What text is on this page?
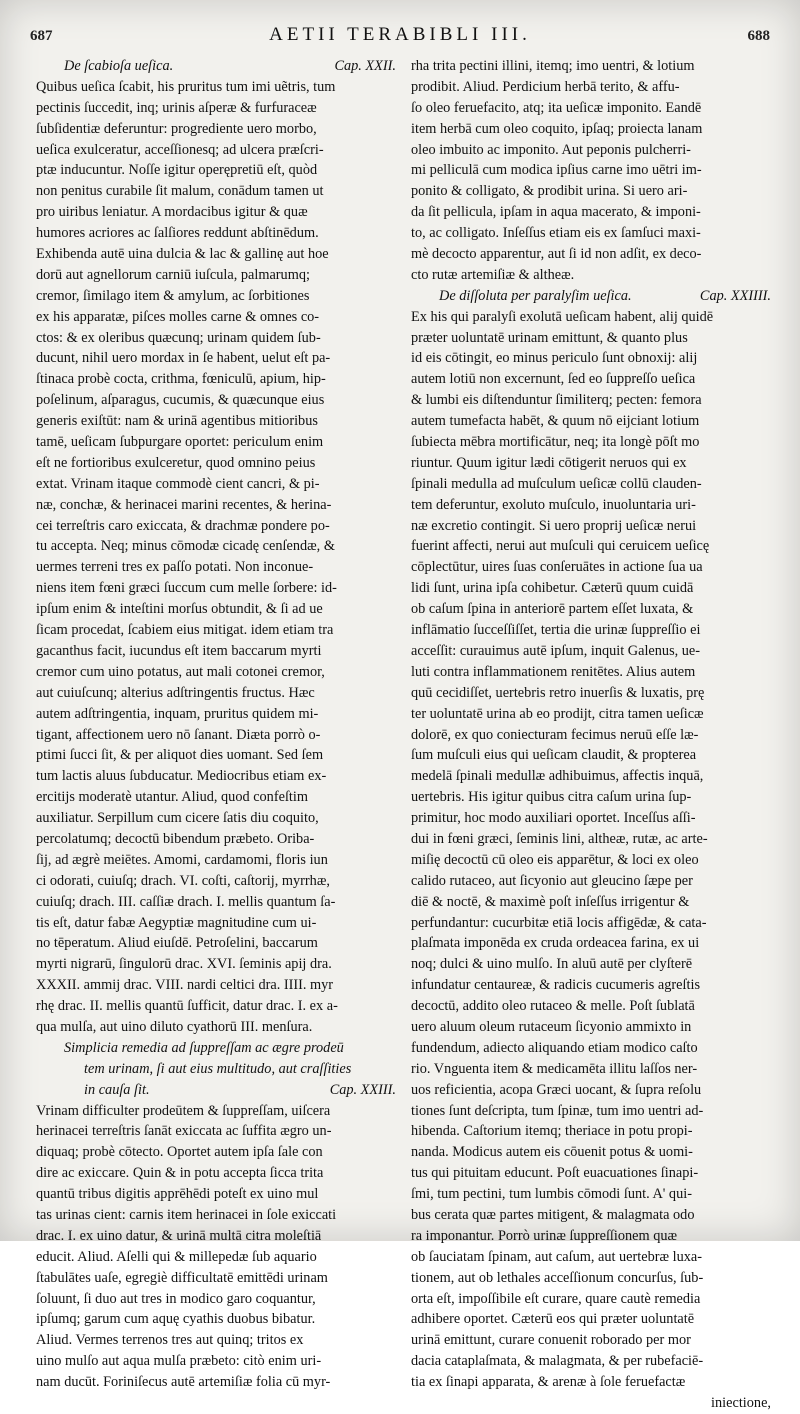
687	AETII TERABIBLI III.	688
De ſcabioſa ueſica.	Cap. XXII.
Quibus ueſica ſcabit, his pruritus tum imi uẽtris, tum
pectinis ſuccedit, inq; urinis aſperæ & furfuraceæ
ſubſidentiæ deferuntur: progrediente uero morbo,
ueſica exulceratur, acceſſionesq; ad ulcera præſcri-
ptæ inducuntur. Noſſe igitur operępretiū eſt, quòd
non penitus curabile ſit malum, conādum tamen ut
pro uiribus leniatur. A mordacibus igitur & quæ
humores acriores ac ſalſiores reddunt abſtinēdum.
Exhibenda autē uina dulcia & lac & gallinę aut hoe
dorū aut agnellorum carniū iuſcula, palmarumq;
cremor, ſimilago item & amylum, ac ſorbitiones
ex his apparatæ, piſces molles carne & omnes co-
ctos: & ex oleribus quæcunq; urinam quidem ſub-
ducunt, nihil uero mordax in ſe habent, uelut eſt pa-
ſtinaca probè cocta, crithma, fœniculū, apium, hip-
poſelinum, aſparagus, cucumis, & quæcunque eius
generis exiſtūt: nam & urinā agentibus mitioribus
tamē, ueſicam ſubpurgare oportet: periculum enim
eſt ne fortioribus exulceretur, quod omnino peius
extat. Vrinam itaque commodè cient cancri, & pi-
næ, conchæ, & herinacei marini recentes, & herina-
cei terreſtris caro exiccata, & drachmæ pondere po-
tu accepta. Neq; minus cōmodæ cicadę cenſendæ, &
uermes terreni tres ex paſſo potati. Non inconue-
niens item fœni græci ſuccum cum melle ſorbere: id-
ipſum enim & inteſtini morſus obtundit, & ſi ad ue
ſicam procedat, ſcabiem eius mitigat. idem etiam tra
gacanthus facit, iucundus eſt item baccarum myrti
cremor cum uino potatus, aut mali cotonei cremor,
aut cuiuſcunq; alterius adſtringentis fructus. Hæc
autem adſtringentia, inquam, pruritus quidem mi-
tigant, affectionem uero nō ſanant. Diæta porrò o-
ptimi ſucci ſit, & per aliquot dies uomant. Sed ſem
tum lactis aluus ſubducatur. Mediocribus etiam ex-
ercitijs moderatè utantur. Aliud, quod confeſtim
auxiliatur. Serpillum cum cicere ſatis diu coquito,
percolatumq; decoctū bibendum præbeto. Oriba-
ſij, ad ægrè meiētes. Amomi, cardamomi, floris iun
ci odorati, cuiuſq; drach. VI. coſti, caſtorij, myrrhæ,
cuiuſq; drach. III. caſſiæ drach. I. mellis quantum ſa-
tis eſt, datur fabæ Aegyptiæ magnitudine cum ui-
no tēperatum. Aliud eiuſdē. Petroſelini, baccarum
myrti nigrarū, ſingulorū drac. XVI. ſeminis apij dra.
XXXII. ammij drac. VIII. nardi celtici dra. IIII. myr
rhę drac. II. mellis quantū ſufficit, datur drac. I. ex a-
qua mulſa, aut uino diluto cyathorū III. menſura.
Simplicia remedia ad ſuppreſſam ac ægre prodeū
tem urinam, ſi aut eius multitudo, aut craſſities
in cauſa ſit.	Cap. XXIII.
Vrinam difficulter prodeūtem & ſuppreſſam, uiſcera
herinacei terreſtris ſanāt exiccata ac ſuffita ægro un-
diquaq; probè cōtecto. Oportet autem ipſa ſale con
dire ac exiccare. Quin & in potu accepta ſicca trita
quantū tribus digitis apprēhēdi poteſt ex uino mul
tas urinas cient: carnis item herinacei in ſole exiccati
drac. I. ex uino datur, & urinā multā citra moleſtiā
educit. Aliud. Aſelli qui & millepedæ ſub aquario
ſtabulātes uaſe, egregiè difficultatē emittēdi urinam
ſoluunt, ſi duo aut tres in modico garo coquantur,
ipſumq; garum cum aquę cyathis duobus bibatur.
Aliud. Vermes terrenos tres aut quinq; tritos ex
uino mulſo aut aqua mulſa præbeto: citò enim uri-
nam ducūt. Foriniſecus autē artemiſiæ folia cū myr-
rha trita pectini illini, itemq; imo uentri, & lotium
prodibit. Aliud. Perdicium herbā terito, & affu-
ſo oleo feruefacito, atq; ita ueſicæ imponito. Eandē
item herbā cum oleo coquito, ipſaq; proiecta lanam
oleo imbuito ac imponito. Aut peponis pulcherri-
mi pelliculā cum modica ipſius carne imo uētri im-
ponito & colligato, & prodibit urina. Si uero ari-
da ſit pellicula, ipſam in aqua macerato, & imponi-
to, ac colligato. Inſeſſus etiam eis ex ſamſuci maxi-
mè decocto apparentur, aut ſi id non adſit, ex deco-
cto rutæ artemiſiæ & altheæ.
De diſſoluta per paralyſim ueſica.	Cap. XXIIII.
Ex his qui paralyſi exolutā ueſicam habent, alij quidē
præter uoluntatē urinam emittunt, & quanto plus
id eis cōtingit, eo minus periculo ſunt obnoxij: alij
autem lotiū non excernunt, ſed eo ſuppreſſo ueſica
& lumbi eis diſtenduntur ſimiliterq; pecten: femora
autem tumefacta habēt, & quum nō eijciant lotium
ſubiecta mēbra mortificātur, neq; ita longè pōſt mo
riuntur. Quum igitur lædi cōtigerit neruos qui ex
ſpinali medulla ad muſculum ueſicæ collū clauden-
tem deferuntur, exoluto muſculo, inuoluntaria uri-
næ excretio contingit. Si uero proprij ueſicæ nerui
fuerint affecti, nerui aut muſculi qui ceruicem ueſicę
cōplectūtur, uires ſuas conſeruātes in actione ſua ua
lidi ſunt, urina ipſa cohibetur. Cæterū quum cuidā
ob caſum ſpina in anteriorē partem eſſet luxata, &
inflāmatio ſucceſſiſſet, tertia die urinæ ſuppreſſio ei
acceſſit: curauimus autē ipſum, inquit Galenus, ue-
luti contra inflammationem renitētes. Alius autem
quū cecidiſſet, uertebris retro inuerſis & luxatis, prę
ter uoluntatē urina ab eo prodijt, citra tamen ueſicæ
dolorē, ex quo coniecturam fecimus neruū eſſe læ-
ſum muſculi eius qui ueſicam claudit, & propterea
medelā ſpinali medullæ adhibuimus, affectis inquā,
uertebris. His igitur quibus citra caſum urina ſup-
primitur, hoc modo auxiliari oportet. Inceſſus aſſi-
dui in fœni græci, ſeminis lini, altheæ, rutæ, ac arte-
miſię decoctū cū oleo eis apparētur, & loci ex oleo
calido rutaceo, aut ſicyonio aut gleucino ſæpe per
diē & noctē, & maximè poſt inſeſſus irrigentur &
perfundantur: cucurbitæ etiā locis affigēdæ, & cata-
plaſmata imponēda ex cruda ordeacea farina, ex ui
noq; dulci & uino mulſo. In aluū autē per clyſterē
infundatur centaureæ, & radicis cucumeris agreſtis
decoctū, addito oleo rutaceo & melle. Poſt ſublatā
uero aluum oleum rutaceum ſicyonio ammixto in
fundendum, adiecto aliquando etiam modico caſto
rio. Vnguenta item & medicamēta illitu laſſos ner-
uos reficientia, acopa Græci uocant, & ſupra reſolu
tiones ſunt deſcripta, tum ſpinæ, tum imo uentri ad-
hibenda. Caſtorium itemq; theriace in potu propi-
nanda. Modicus autem eis cōuenit potus & uomi-
tus qui pituitam educunt. Poſt euacuationes ſinapi-
ſmi, tum pectini, tum lumbis cōmodi ſunt. A' qui-
bus cerata quæ partes mitigent, & malagmata odo
ra imponantur. Porrò urinæ ſuppreſſionem quæ
ob ſauciatam ſpinam, aut caſum, aut uertebræ luxa-
tionem, aut ob lethales acceſſionum concurſus, ſub-
orta eſt, impoſſibile eſt curare, quare cautè remedia
adhibere oportet. Cæterū eos qui præter uoluntatē
urinā emittunt, curare conuenit roborado per mor
dacia cataplaſmata, & malagmata, & per rubefaciē-
tia ex ſinapi apparata, & arenæ à ſole feruefactæ
iniectione,
